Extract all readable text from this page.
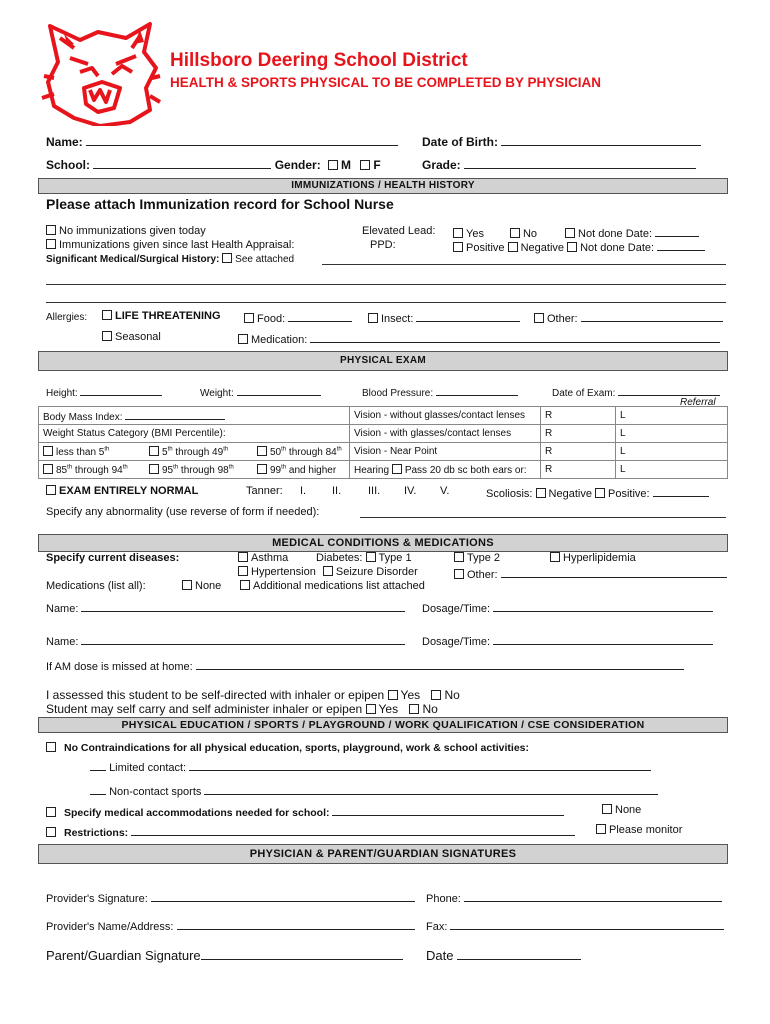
Hillsboro Deering School District
HEALTH & SPORTS PHYSICAL TO BE COMPLETED BY PHYSICIAN
Name:	Date of Birth:
School:	Gender: M F	Grade:
IMMUNIZATIONS / HEALTH HISTORY
Please attach Immunization record for School Nurse
No immunizations given today
Immunizations given since last Health Appraisal:
Elevated Lead:
PPD:
Yes	No	Not done Date:
Positive Negative Not done Date:
Significant Medical/Surgical History: See attached
Allergies:	LIFE THREATENING	Food:	Insect:	Other:
Seasonal	Medication:
PHYSICAL EXAM
Height:	Weight:	Blood Pressure:	Date of Exam:
Referral
Body Mass Index:	Vision - without glasses/contact lenses	R	L
Weight Status Category (BMI Percentile):	Vision - with glasses/contact lenses	R	L

less than 5th 5th through 49th 50th through 84th	Vision - Near Point	R	L

85th through 94th 95th through 98th 99th and higher	Hearing Pass 20 db sc both ears or:	R	L
EXAM ENTIRELY NORMAL	Tanner: I. II. III. IV. V.	Scoliosis: Negative Positive:
Specify any abnormality (use reverse of form if needed):
MEDICAL CONDITIONS & MEDICATIONS
Specify current diseases:	Asthma	Diabetes: Type 1	Type 2	Hyperlipidemia
Hypertension Seizure Disorder	Other:
Medications (list all):	None	Additional medications list attached
Name:	Dosage/Time:
Name:	Dosage/Time:
If AM dose is missed at home:
I assessed this student to be self-directed with inhaler or epipen Yes No
Student may self carry and self administer inhaler or epipen Yes No
PHYSICAL EDUCATION / SPORTS / PLAYGROUND / WORK QUALIFICATION / CSE CONSIDERATION
No Contraindications for all physical education, sports, playground, work & school activities:
Limited contact:
Non-contact sports
Specify medical accommodations needed for school:	None
Restrictions:	Please monitor
PHYSICIAN & PARENT/GUARDIAN SIGNATURES
Provider's Signature:	Phone:
Provider's Name/Address:	Fax:
Parent/Guardian Signature	Date
